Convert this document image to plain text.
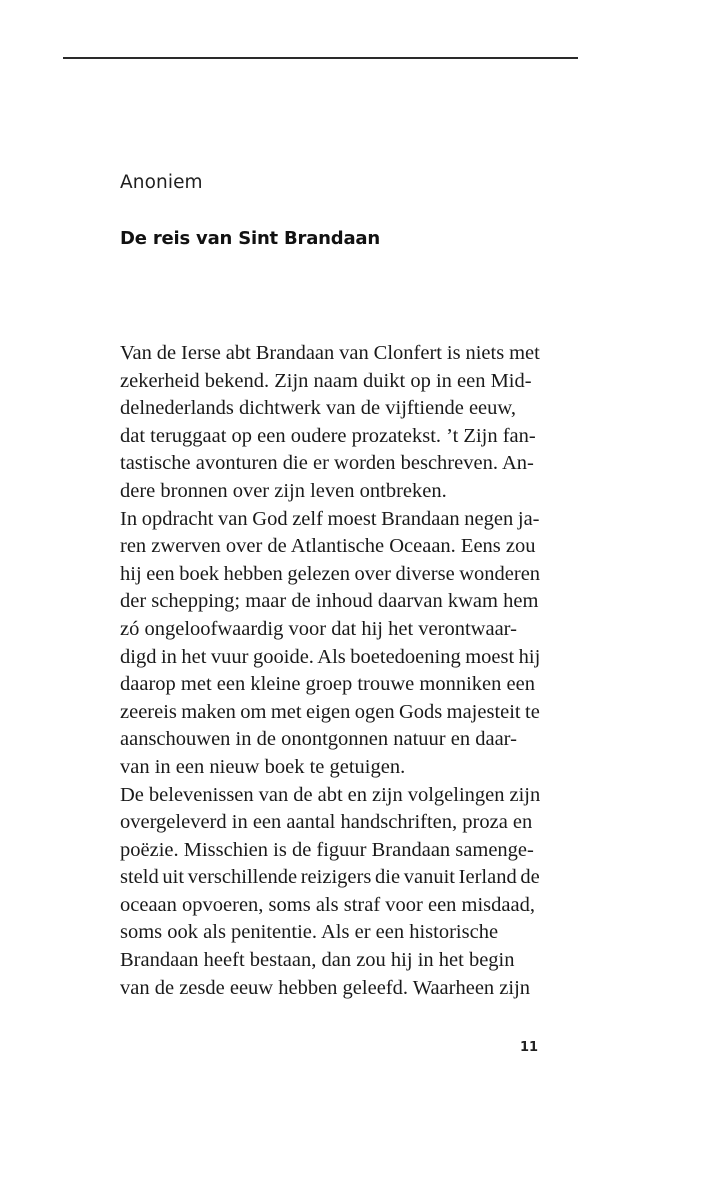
Anoniem
De reis van Sint Brandaan
Van de Ierse abt Brandaan van Clonfert is niets met
zekerheid bekend. Zijn naam duikt op in een Mid-
delnederlands dichtwerk van de vijftiende eeuw,
dat teruggaat op een oudere prozatekst. ’t Zijn fan-
tastische avonturen die er worden beschreven. An-
dere bronnen over zijn leven ontbreken.
In opdracht van God zelf moest Brandaan negen ja-
ren zwerven over de Atlantische Oceaan. Eens zou
hij een boek hebben gelezen over diverse wonderen
der schepping; maar de inhoud daarvan kwam hem
zó ongeloofwaardig voor dat hij het verontwaar-
digd in het vuur gooide. Als boetedoening moest hij
daarop met een kleine groep trouwe monniken een
zeereis maken om met eigen ogen Gods majesteit te
aanschouwen in de onontgonnen natuur en daar-
van in een nieuw boek te getuigen.
De belevenissen van de abt en zijn volgelingen zijn
overgeleverd in een aantal handschriften, proza en
poëzie. Misschien is de figuur Brandaan samenge-
steld uit verschillende reizigers die vanuit Ierland de
oceaan opvoeren, soms als straf voor een misdaad,
soms ook als penitentie. Als er een historische
Brandaan heeft bestaan, dan zou hij in het begin
van de zesde eeuw hebben geleefd. Waarheen zijn
11
